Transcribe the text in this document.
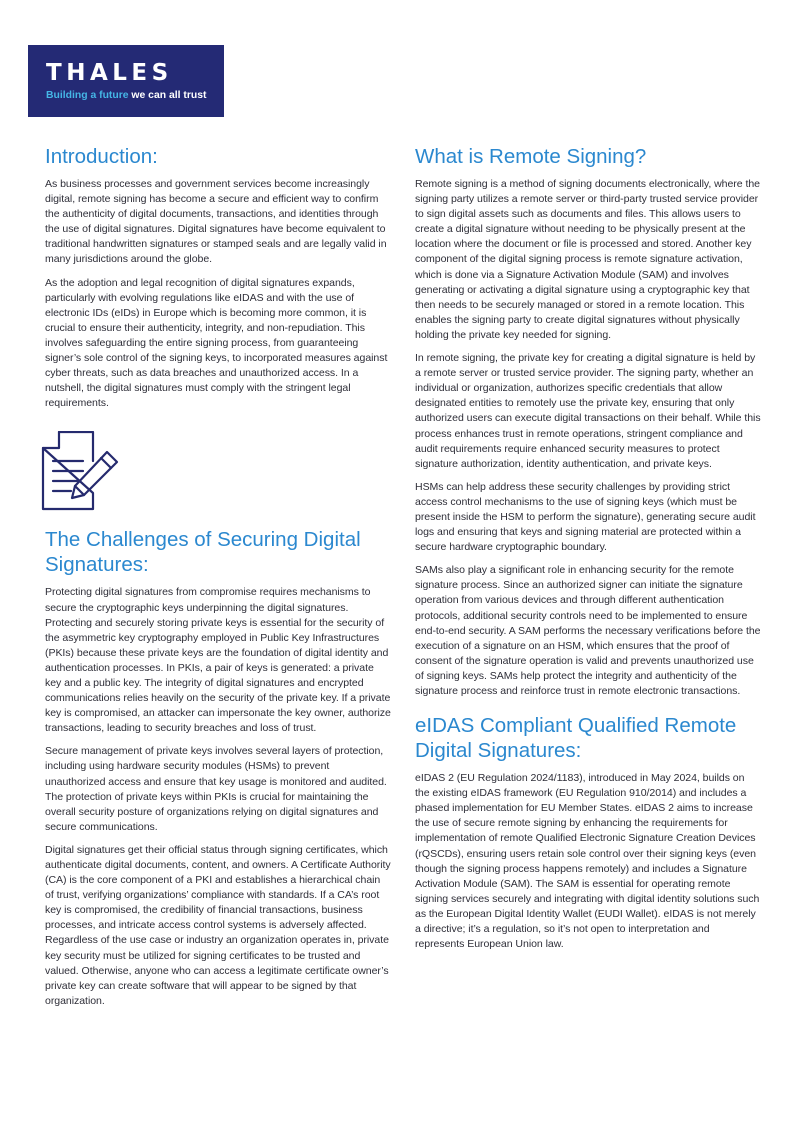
THALES
Building a future we can all trust
Introduction:

As business processes and government services become increasingly digital, remote signing has become a secure and efficient way to confirm the authenticity of digital documents, transactions, and identities through the use of digital signatures. Digital signatures have become equivalent to traditional handwritten signatures or stamped seals and are legally valid in many jurisdictions around the globe.

As the adoption and legal recognition of digital signatures expands, particularly with evolving regulations like eIDAS and with the use of electronic IDs (eIDs) in Europe which is becoming more common, it is crucial to ensure their authenticity, integrity, and non-repudiation. This involves safeguarding the entire signing process, from guaranteeing signer’s sole control of the signing keys, to incorporated measures against cyber threats, such as data breaches and unauthorized access. In a nutshell, the digital signatures must comply with the stringent legal requirements.

The Challenges of Securing Digital Signatures:

Protecting digital signatures from compromise requires mechanisms to secure the cryptographic keys underpinning the digital signatures. Protecting and securely storing private keys is essential for the security of the asymmetric key cryptography employed in Public Key Infrastructures (PKIs) because these private keys are the foundation of digital identity and authentication processes. In PKIs, a pair of keys is generated: a private key and a public key. The integrity of digital signatures and encrypted communications relies heavily on the security of the private key. If a private key is compromised, an attacker can impersonate the key owner, authorize transactions, leading to security breaches and loss of trust.

Secure management of private keys involves several layers of protection, including using hardware security modules (HSMs) to prevent unauthorized access and ensure that key usage is monitored and audited. The protection of private keys within PKIs is crucial for maintaining the overall security posture of organizations relying on digital signatures and secure communications.

Digital signatures get their official status through signing certificates, which authenticate digital documents, content, and owners. A Certificate Authority (CA) is the core component of a PKI and establishes a hierarchical chain of trust, verifying organizations’ compliance with standards. If a CA’s root key is compromised, the credibility of financial transactions, business processes, and intricate access control systems is adversely affected. Regardless of the use case or industry an organization operates in, private key security must be utilized for signing certificates to be trusted and valued. Otherwise, anyone who can access a legitimate certificate owner’s private key can create software that will appear to be signed by that organization.

What is Remote Signing?

Remote signing is a method of signing documents electronically, where the signing party utilizes a remote server or third-party trusted service provider to sign digital assets such as documents and files. This allows users to create a digital signature without needing to be physically present at the location where the document or file is processed and stored. Another key component of the digital signing process is remote signature activation, which is done via a Signature Activation Module (SAM) and involves generating or activating a digital signature using a cryptographic key that then needs to be securely managed or stored in a remote location. This enables the signing party to create digital signatures without physically holding the private key needed for signing.

In remote signing, the private key for creating a digital signature is held by a remote server or trusted service provider. The signing party, whether an individual or organization, authorizes specific credentials that allow designated entities to remotely use the private key, ensuring that only authorized users can execute digital transactions on their behalf. While this process enhances trust in remote operations, stringent compliance and audit requirements require enhanced security measures to protect signature authorization, identity authentication, and private keys.

HSMs can help address these security challenges by providing strict access control mechanisms to the use of signing keys (which must be present inside the HSM to perform the signature), generating secure audit logs and ensuring that keys and signing material are protected within a secure hardware cryptographic boundary.

SAMs also play a significant role in enhancing security for the remote signature process. Since an authorized signer can initiate the signature operation from various devices and through different authentication protocols, additional security controls need to be implemented to ensure end-to-end security. A SAM performs the necessary verifications before the execution of a signature on an HSM, which ensures that the proof of consent of the signature operation is valid and prevents unauthorized use of signing keys. SAMs help protect the integrity and authenticity of the signature process and reinforce trust in remote electronic transactions.

eIDAS Compliant Qualified Remote Digital Signatures:

eIDAS 2 (EU Regulation 2024/1183), introduced in May 2024, builds on the existing eIDAS framework (EU Regulation 910/2014) and includes a phased implementation for EU Member States. eIDAS 2 aims to increase the use of secure remote signing by enhancing the requirements for implementation of remote Qualified Electronic Signature Creation Devices (rQSCDs), ensuring users retain sole control over their signing keys (even though the signing process happens remotely) and includes a Signature Activation Module (SAM). The SAM is essential for operating remote signing services securely and integrating with digital identity solutions such as the European Digital Identity Wallet (EUDI Wallet). eIDAS is not merely a directive; it’s a regulation, so it’s not open to interpretation and represents European Union law.
